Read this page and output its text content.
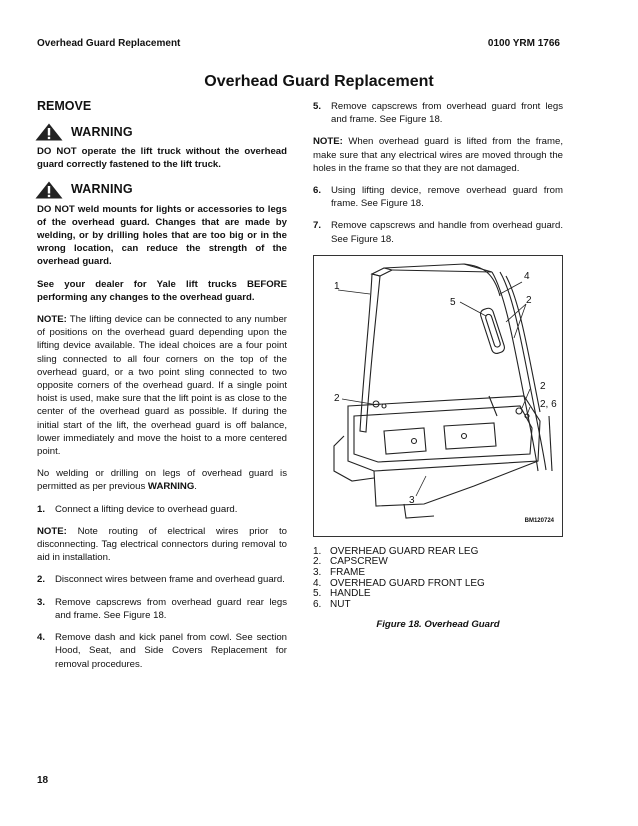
Overhead Guard Replacement	0100 YRM 1766
Overhead Guard Replacement
REMOVE
WARNING

DO NOT operate the lift truck without the overhead guard correctly fastened to the lift truck.

WARNING

DO NOT weld mounts for lights or accessories to legs of the overhead guard. Changes that are made by welding, or by drilling holes that are too big or in the wrong location, can reduce the strength of the overhead guard.

See your dealer for Yale lift trucks BEFORE performing any changes to the overhead guard.

NOTE: The lifting device can be connected to any number of positions on the overhead guard depending upon the lifting device available. The ideal choices are a four point sling connected to all four corners on the top of the overhead guard, or a two point sling connected to two opposite corners of the overhead guard. If a single point hoist is used, make sure that the lift point is as close to the center of the overhead guard as possible. If during the initial start of the lift, the overhead guard is off balance, lower immediately and move the hoist to a more centered point.

No welding or drilling on legs of overhead guard is permitted as per previous WARNING.

1.	Connect a lifting device to overhead guard.

NOTE: Note routing of electrical wires prior to disconnecting. Tag electrical connectors during removal to aid in installation.

2.	Disconnect wires between frame and overhead guard.
3.	Remove capscrews from overhead guard rear legs and frame. See Figure 18.
4.	Remove dash and kick panel from cowl. See section Hood, Seat, and Side Covers Replacement for removal procedures.
5.	Remove capscrews from overhead guard front legs and frame. See Figure 18.

NOTE: When overhead guard is lifted from the frame, make sure that any electrical wires are moved through the holes in the frame so that they are not damaged.

6.	Using lifting device, remove overhead guard from frame. See Figure 18.
7.	Remove capscrews and handle from overhead guard. See Figure 18.
1
4
5	2
2
2
2, 6
3
BM120724
1. OVERHEAD GUARD REAR LEG
2. CAPSCREW
3. FRAME
4. OVERHEAD GUARD FRONT LEG
5. HANDLE
6. NUT
Figure 18. Overhead Guard
18
